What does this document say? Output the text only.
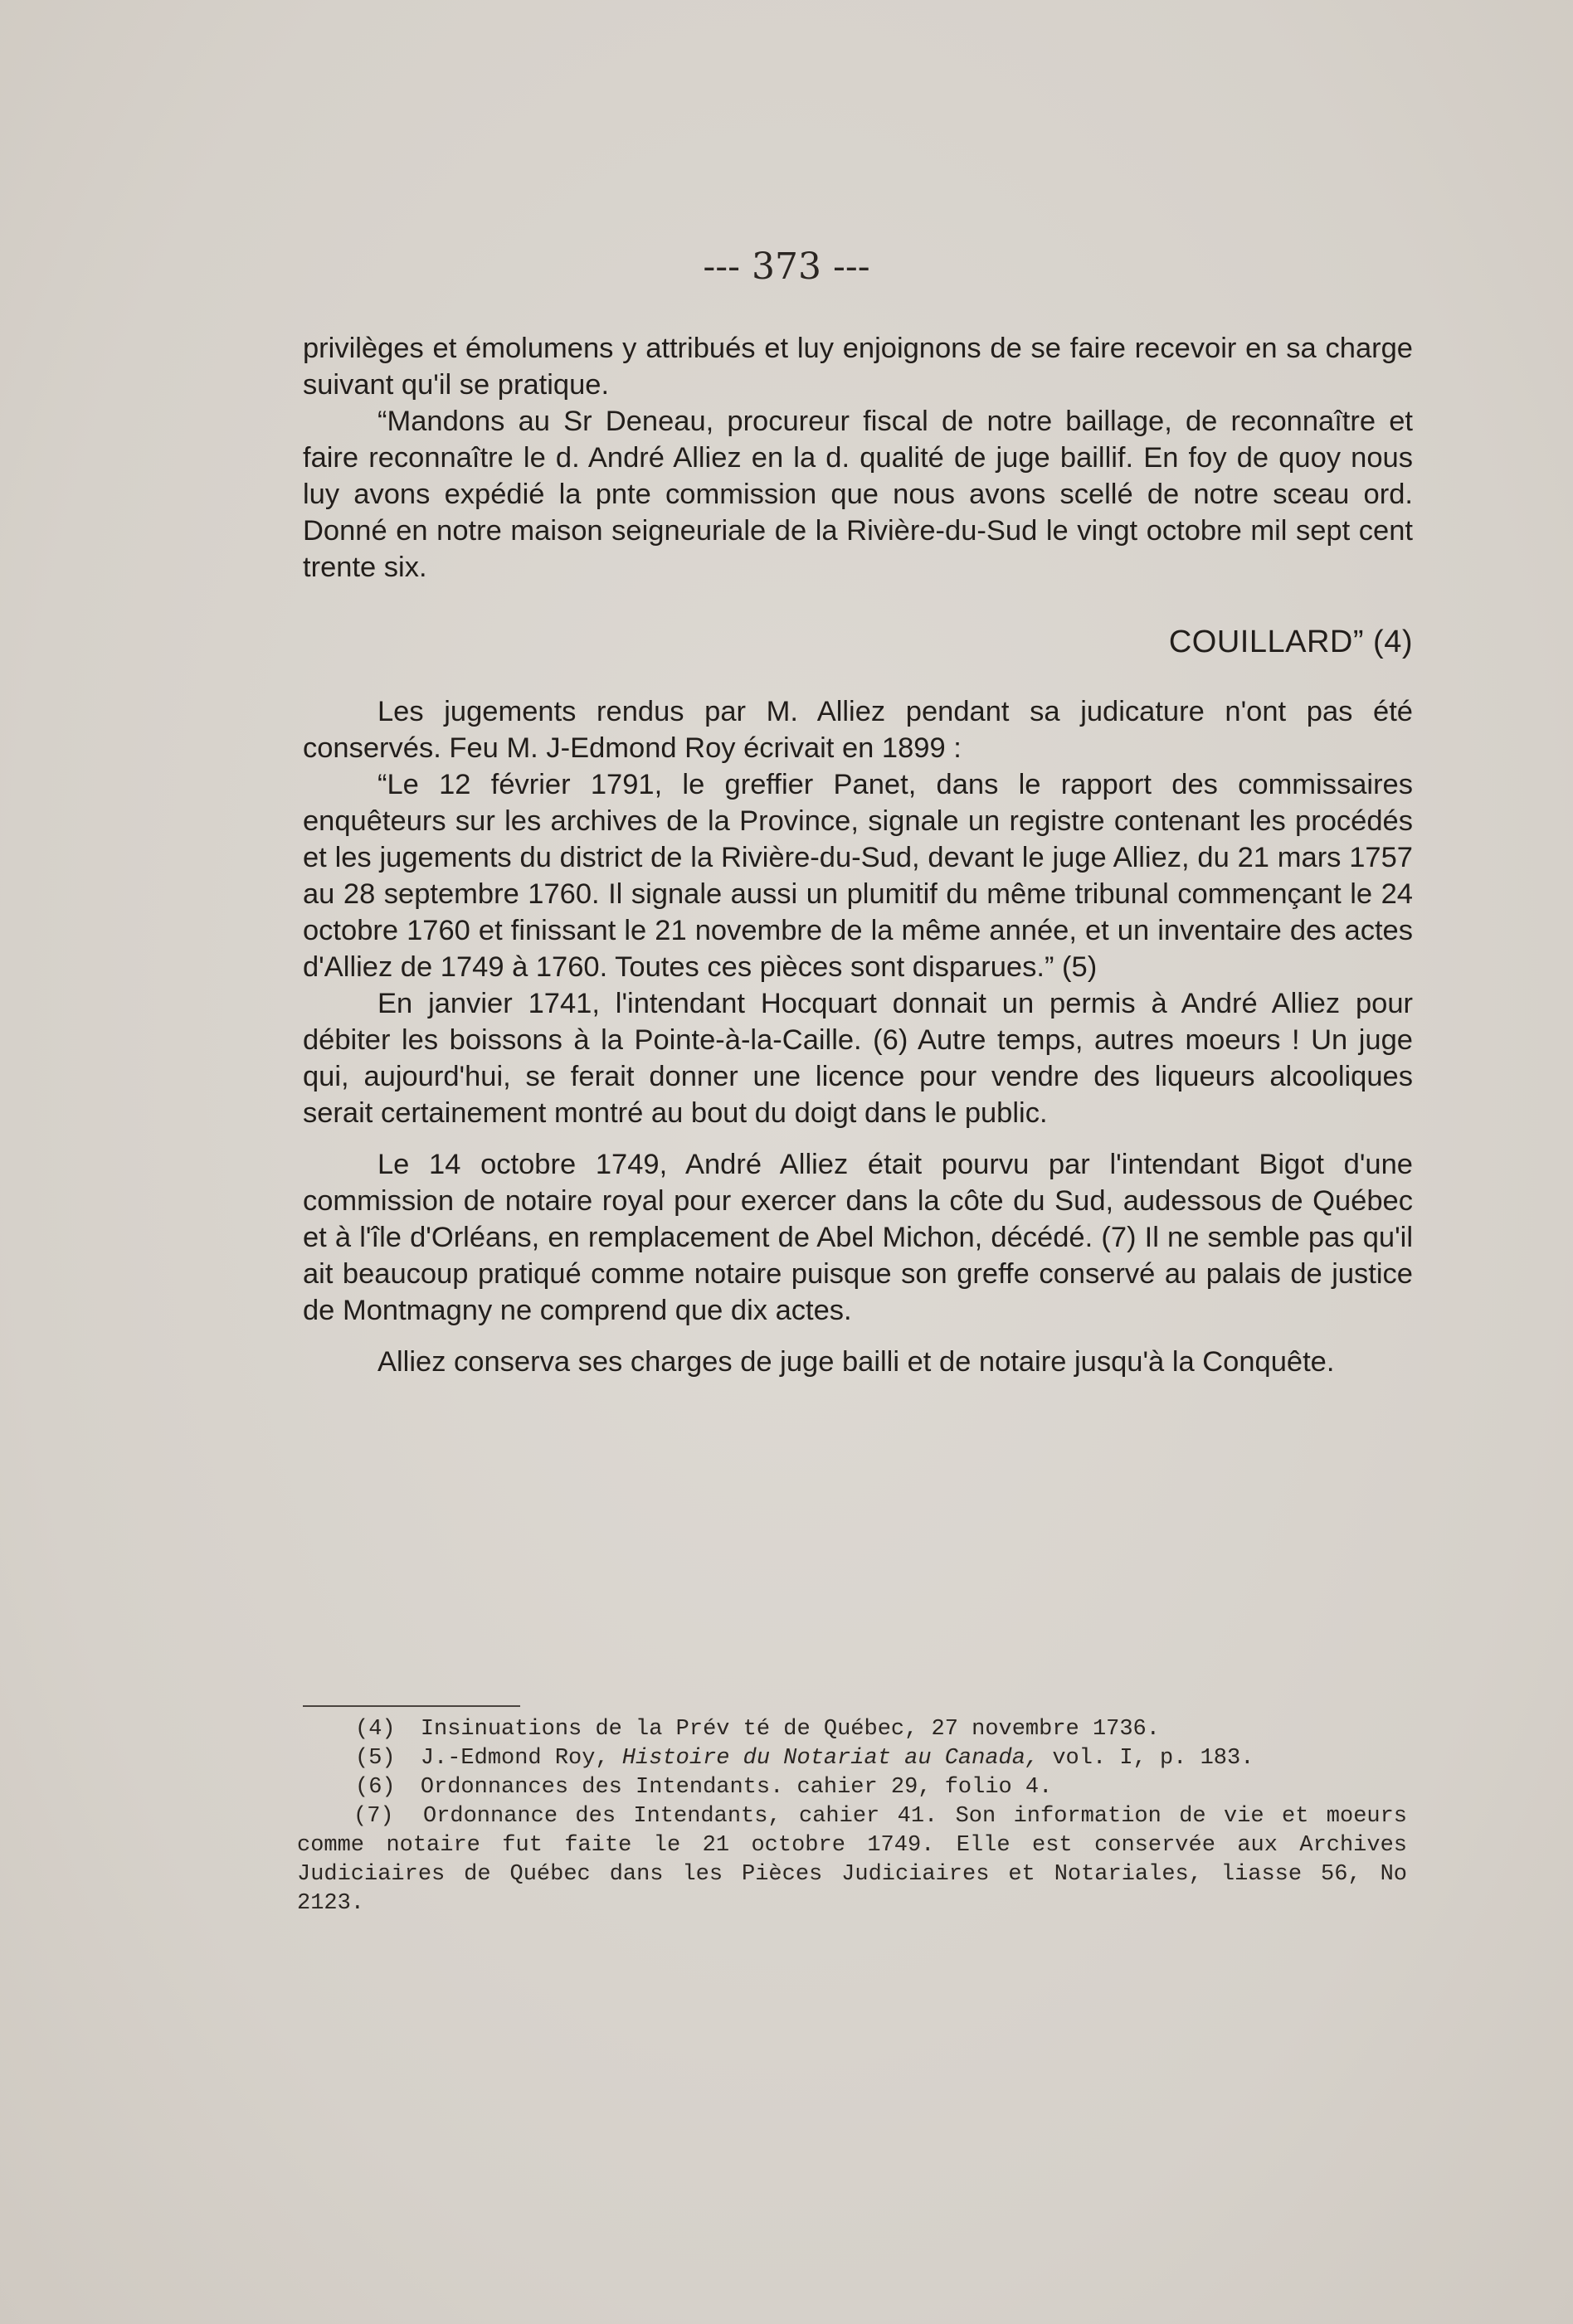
--- 373 ---

privilèges et émolumens y attribués et luy enjoignons de se faire recevoir en sa charge suivant qu'il se pratique.

“Mandons au Sr Deneau, procureur fiscal de notre baillage, de reconnaître et faire reconnaître le d. André Alliez en la d. qualité de juge baillif. En foy de quoy nous luy avons expédié la pnte commission que nous avons scellé de notre sceau ord. Donné en notre maison seigneuriale de la Rivière-du-Sud le vingt octobre mil sept cent trente six.

COUILLARD” (4)

Les jugements rendus par M. Alliez pendant sa judicature n'ont pas été conservés. Feu M. J-Edmond Roy écrivait en 1899 :

“Le 12 février 1791, le greffier Panet, dans le rapport des commissaires enquêteurs sur les archives de la Province, signale un registre contenant les procédés et les jugements du district de la Rivière-du-Sud, devant le juge Alliez, du 21 mars 1757 au 28 septembre 1760. Il signale aussi un plumitif du même tribunal commençant le 24 octobre 1760 et finissant le 21 novembre de la même année, et un inventaire des actes d'Alliez de 1749 à 1760. Toutes ces pièces sont disparues.” (5)

En janvier 1741, l'intendant Hocquart donnait un permis à André Alliez pour débiter les boissons à la Pointe-à-la-Caille. (6) Autre temps, autres moeurs ! Un juge qui, aujourd'hui, se ferait donner une licence pour vendre des liqueurs alcooliques serait certainement montré au bout du doigt dans le public.

Le 14 octobre 1749, André Alliez était pourvu par l'intendant Bigot d'une commission de notaire royal pour exercer dans la côte du Sud, audessous de Québec et à l'île d'Orléans, en remplacement de Abel Michon, décédé. (7) Il ne semble pas qu'il ait beaucoup pratiqué comme notaire puisque son greffe conservé au palais de justice de Montmagny ne comprend que dix actes.

Alliez conserva ses charges de juge bailli et de notaire jusqu'à la Conquête.

(4) Insinuations de la Prév té de Québec, 27 novembre 1736.

(5) J.-Edmond Roy, Histoire du Notariat au Canada, vol. I, p. 183.

(6) Ordonnances des Intendants. cahier 29, folio 4.

(7) Ordonnance des Intendants, cahier 41. Son information de vie et moeurs comme notaire fut faite le 21 octobre 1749. Elle est conservée aux Archives Judiciaires de Québec dans les Pièces Judiciaires et Notariales, liasse 56, No 2123.
